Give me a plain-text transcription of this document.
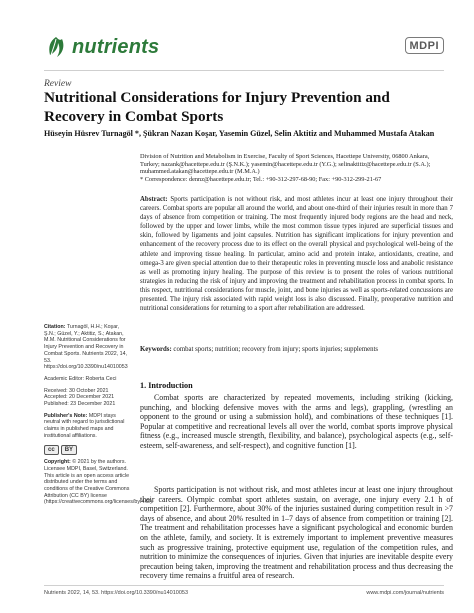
nutrients	MDPI
Review
Nutritional Considerations for Injury Prevention and Recovery in Combat Sports
Hüseyin Hüsrev Turnagöl *, Şükran Nazan Koşar, Yasemin Güzel, Selin Aktitiz and Muhammed Mustafa Atakan
Division of Nutrition and Metabolism in Exercise, Faculty of Sport Sciences, Hacettepe University, 06800 Ankara, Turkey; nazank@hacettepe.edu.tr (Ş.N.K.); yasemin@hacettepe.edu.tr (Y.G.); selinaktitiz@hacettepe.edu.tr (S.A.); muhammed.atakan@hacettepe.edu.tr (M.M.A.)
* Correspondence: dennz@hacettepe.edu.tr; Tel.: +90-312-297-68-90; Fax: +90-312-299-21-67
Abstract: Sports participation is not without risk, and most athletes incur at least one injury throughout their careers. Combat sports are popular all around the world, and about one-third of their injuries result in more than 7 days of absence from competition or training. The most frequently injured body regions are the head and neck, followed by the upper and lower limbs, while the most common tissue types injured are superficial tissues and skin, followed by ligaments and joint capsules. Nutrition has significant implications for injury prevention and enhancement of the recovery process due to its effect on the overall physical and psychological well-being of the athlete and improving tissue healing. In particular, amino acid and protein intake, antioxidants, creatine, and omega-3 are given special attention due to their therapeutic roles in preventing muscle loss and anabolic resistance as well as promoting injury healing. The purpose of this review is to present the roles of various nutritional strategies in reducing the risk of injury and improving the treatment and rehabilitation process in combat sports. In this respect, nutritional considerations for muscle, joint, and bone injuries as well as sports-related concussions are presented. The injury risk associated with rapid weight loss is also discussed. Finally, preoperative nutrition and nutritional considerations for returning to a sport after rehabilitation are addressed.
Keywords: combat sports; nutrition; recovery from injury; sports injuries; supplements

Citation: Turnagöl, H.H.; Koşar, Ş.N.; Güzel, Y.; Aktitiz, S.; Atakan, M.M. Nutritional Considerations for Injury Prevention and Recovery in Combat Sports. Nutrients 2022, 14, 53. https://doi.org/10.3390/nu14010053

Academic Editor: Roberta Ceci

Received: 30 October 2021
Accepted: 20 December 2021
Published: 23 December 2021

Publisher's Note: MDPI stays neutral with regard to jurisdictional claims in published maps and institutional affiliations.

cc	BY

Copyright: © 2021 by the authors. Licensee MDPI, Basel, Switzerland. This article is an open access article distributed under the terms and conditions of the Creative Commons Attribution (CC BY) license (https://creativecommons.org/licenses/by/4.0/).

1. Introduction
Combat sports are characterized by repeated movements, including striking (kicking, punching, and blocking defensive moves with the arms and legs), grappling, (wrestling an opponent to the ground or using a submission hold), and combinations of these techniques [1]. Popular at competitive and recreational levels all over the world, combat sports improve physical fitness (e.g., increased muscle strength, flexibility, and balance), psychological aspects (e.g., self-esteem, self-awareness, and self-respect), and cognitive function [1].
Sports participation is not without risk, and most athletes incur at least one injury throughout their careers. Olympic combat sport athletes sustain, on average, one injury every 2.1 h of competition [2]. Furthermore, about 30% of the injuries sustained during competition result in >7 days of absence, and about 20% resulted in 1–7 days of absence from competition or training [2]. The treatment and rehabilitation processes have a significant psychological and economic burden on the athlete, family, and society. It is extremely important to implement preventive measures such as progressive training, protective equipment use, regulation of the competition rules, and nutrition to minimize the consequences of injuries. Given that injuries are inevitable despite every precaution being taken, improving the treatment and rehabilitation process and thus decreasing the recovery time remains a fruitful area of research.
Nutrients 2022, 14, 53. https://doi.org/10.3390/nu14010053	www.mdpi.com/journal/nutrients
